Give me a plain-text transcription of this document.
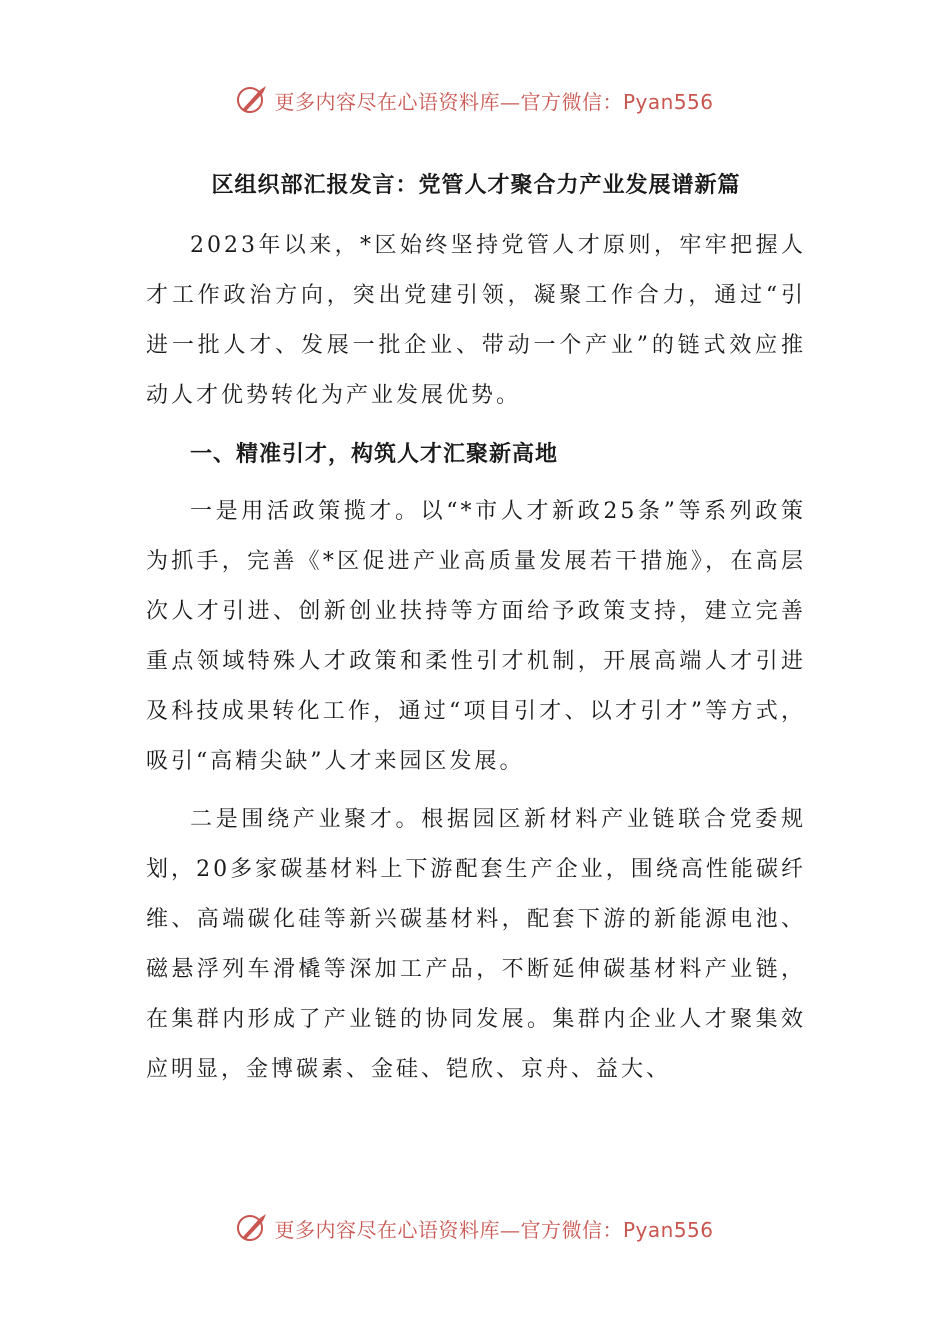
更多内容尽在心语资料库—官方微信：Pyan556
区组织部汇报发言：党管人才聚合力产业发展谱新篇

2023年以来，*区始终坚持党管人才原则，牢牢把握人才工作政治方向，突出党建引领，凝聚工作合力，通过“引进一批人才、发展一批企业、带动一个产业”的链式效应推动人才优势转化为产业发展优势。

一、精准引才，构筑人才汇聚新高地

一是用活政策揽才。以“*市人才新政25条”等系列政策为抓手，完善《*区促进产业高质量发展若干措施》，在高层次人才引进、创新创业扶持等方面给予政策支持，建立完善重点领域特殊人才政策和柔性引才机制，开展高端人才引进及科技成果转化工作，通过“项目引才、以才引才”等方式，吸引“高精尖缺”人才来园区发展。

二是围绕产业聚才。根据园区新材料产业链联合党委规划，20多家碳基材料上下游配套生产企业，围绕高性能碳纤维、高端碳化硅等新兴碳基材料，配套下游的新能源电池、磁悬浮列车滑橇等深加工产品，不断延伸碳基材料产业链，在集群内形成了产业链的协同发展。集群内企业人才聚集效应明显，金博碳素、金硅、铠欣、京舟、益大、

更多内容尽在心语资料库—官方微信：Pyan556
